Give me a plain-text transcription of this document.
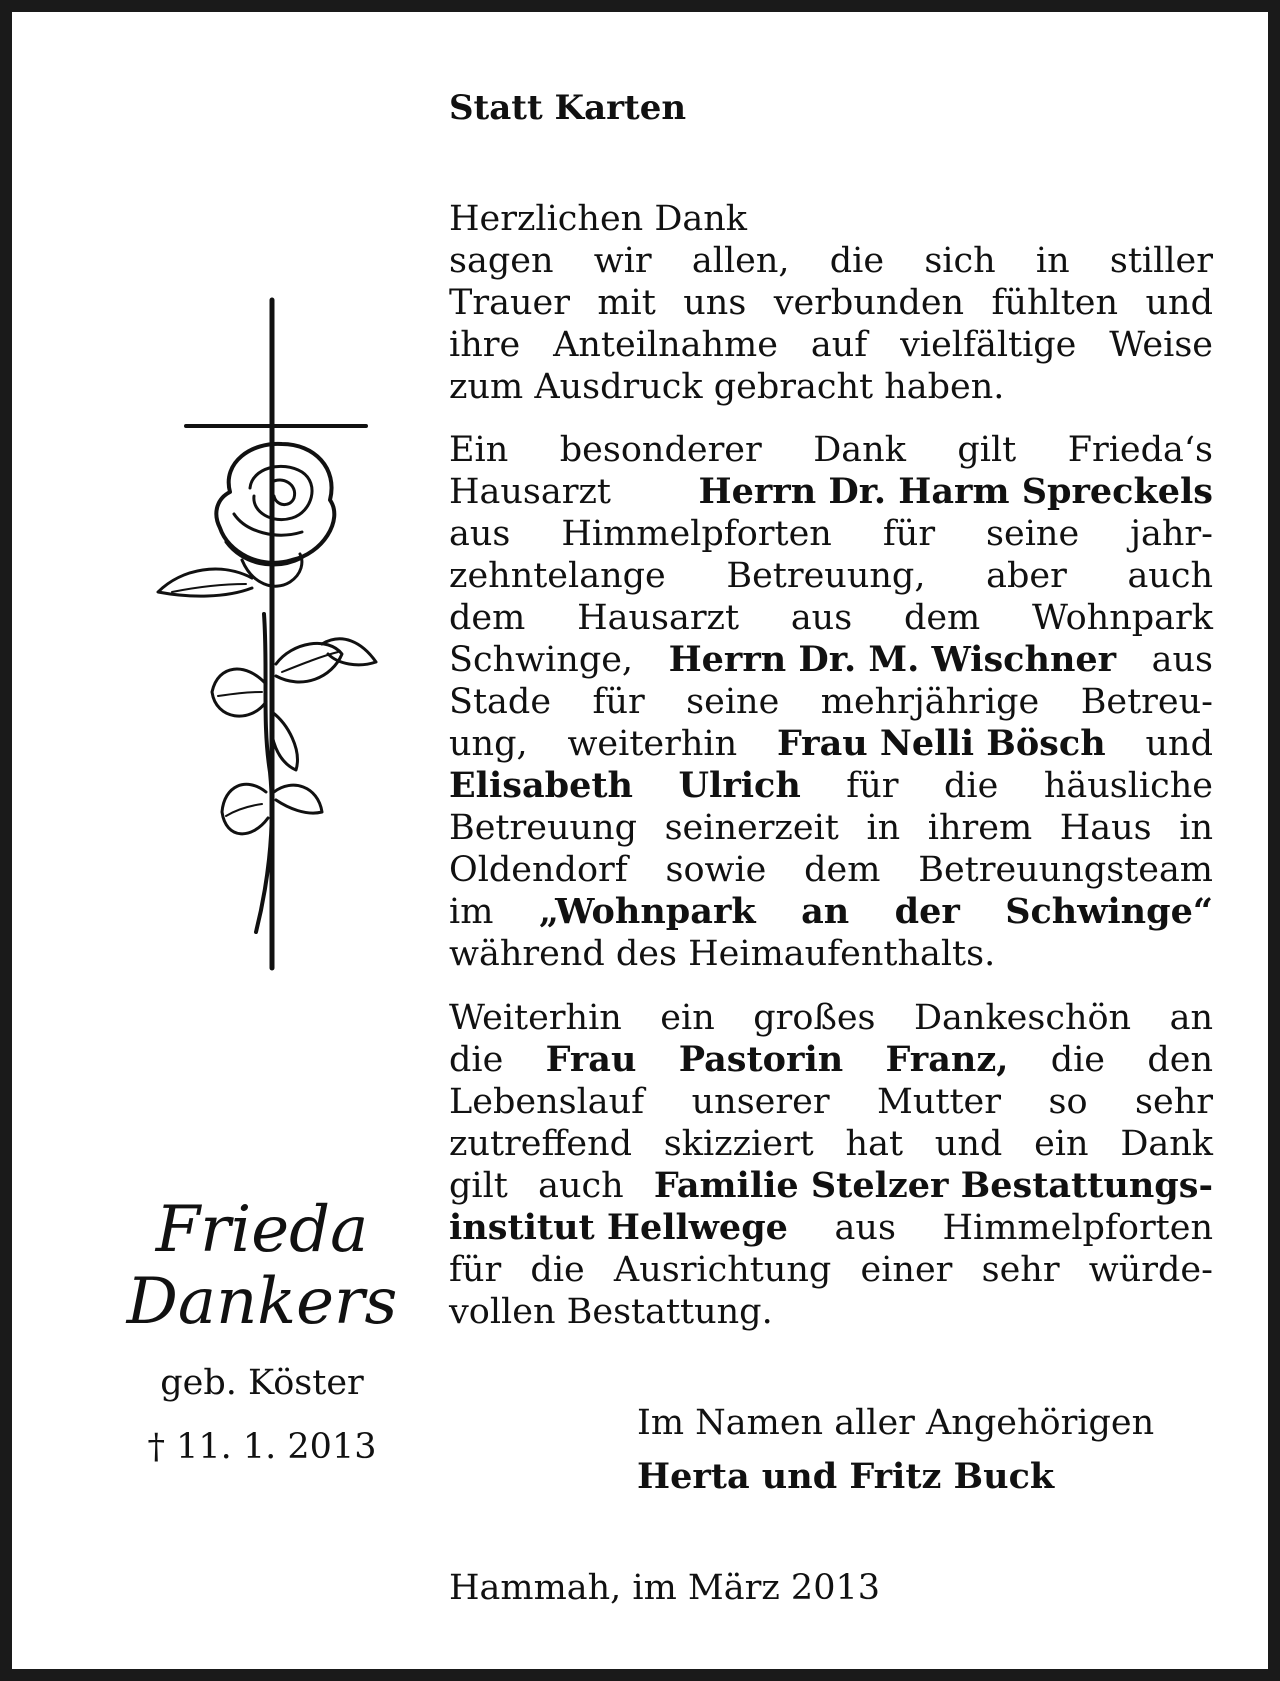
Frieda
Dankers
geb. Köster
† 11. 1. 2013
Statt Karten
Herzlichen Dank
sagen wir allen, die sich in stiller
Trauer mit uns verbunden fühlten und
ihre Anteilnahme auf vielfältige Weise
zum Ausdruck gebracht haben.
Ein besonderer Dank gilt Frieda‘s
Hausarzt	Herrn Dr. Harm Spreckels
aus Himmelpforten für seine jahr-
zehntelange Betreuung, aber auch
dem Hausarzt aus dem Wohnpark
Schwinge, Herrn Dr. M. Wischner aus
Stade für seine mehrjährige Betreu-
ung, weiterhin Frau Nelli Bösch und
Elisabeth Ulrich für die häusliche
Betreuung seinerzeit in ihrem Haus in
Oldendorf sowie dem Betreuungsteam
im „Wohnpark an der Schwinge“
während des Heimaufenthalts.
Weiterhin ein großes Dankeschön an
die Frau Pastorin Franz, die den
Lebenslauf unserer Mutter so sehr
zutreffend skizziert hat und ein Dank
gilt auch Familie Stelzer Bestattungs-
institut Hellwege aus Himmelpforten
für die Ausrichtung einer sehr würde-
vollen Bestattung.
Im Namen aller Angehörigen
Herta und Fritz Buck
Hammah, im März 2013
